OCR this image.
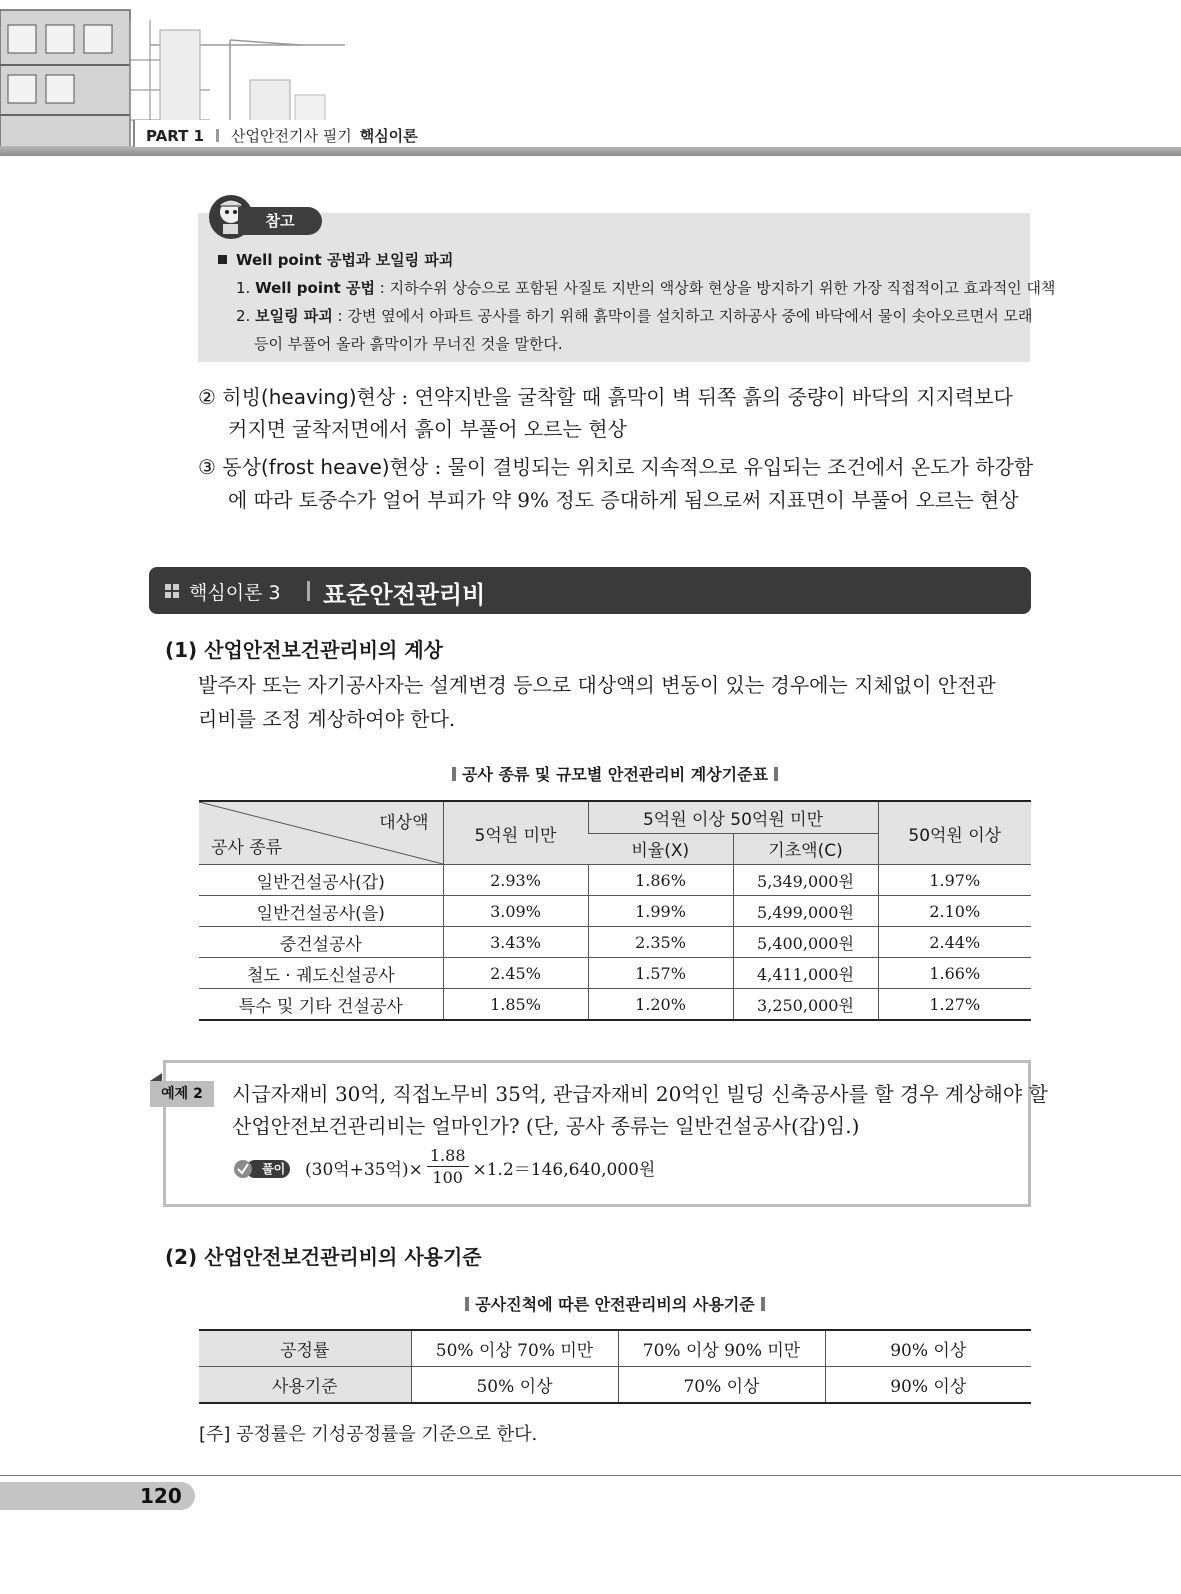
PART 1 산업안전기사 필기 핵심이론
참고
Well point 공법과 보일링 파괴
1. Well point 공법 : 지하수위 상승으로 포함된 사질토 지반의 액상화 현상을 방지하기 위한 가장 직접적이고 효과적인 대책
2. 보일링 파괴 : 강변 옆에서 아파트 공사를 하기 위해 흙막이를 설치하고 지하공사 중에 바닥에서 물이 솟아오르면서 모래
등이 부풀어 올라 흙막이가 무너진 것을 말한다.
② 히빙(heaving)현상 : 연약지반을 굴착할 때 흙막이 벽 뒤쪽 흙의 중량이 바닥의 지지력보다
커지면 굴착저면에서 흙이 부풀어 오르는 현상
③ 동상(frost heave)현상 : 물이 결빙되는 위치로 지속적으로 유입되는 조건에서 온도가 하강함
에 따라 토중수가 얼어 부피가 약 9% 정도 증대하게 됨으로써 지표면이 부풀어 오르는 현상
핵심이론 3 표준안전관리비
(1) 산업안전보건관리비의 계상
발주자 또는 자기공사자는 설계변경 등으로 대상액의 변동이 있는 경우에는 지체없이 안전관
리비를 조정 계상하여야 한다.
공사 종류 및 규모별 안전관리비 계상기준표
대상액
공사 종류	5억원 미만	5억원 이상 50억원 미만		50억원 이상
		비율(X)	기초액(C)	
일반건설공사(갑)	2.93%	1.86%	5,349,000원	1.97%
일반건설공사(을)	3.09%	1.99%	5,499,000원	2.10%
중건설공사	3.43%	2.35%	5,400,000원	2.44%
철도 · 궤도신설공사	2.45%	1.57%	4,411,000원	1.66%
특수 및 기타 건설공사	1.85%	1.20%	3,250,000원	1.27%
예제 2	시급자재비 30억, 직접노무비 35억, 관급자재비 20억인 빌딩 신축공사를 할 경우 계상해야 할
산업안전보건관리비는 얼마인가? (단, 공사 종류는 일반건설공사(갑)임.)
풀이 (30억+35억)× $\frac{1.88}{100} \times 1.2=146,640,000$원
(2) 산업안전보건관리비의 사용기준
공사진척에 따른 안전관리비의 사용기준
공정률	50% 이상 70% 미만	70% 이상 90% 미만	90% 이상
사용기준	50% 이상	70% 이상	90% 이상
[주] 공정률은 기성공정률을 기준으로 한다.
120
